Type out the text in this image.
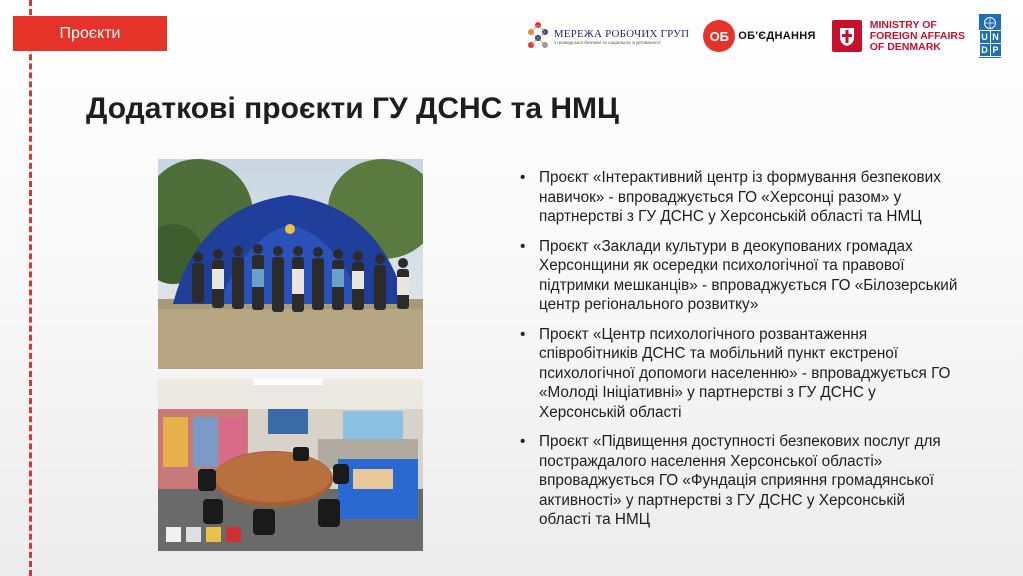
Проєкти	МЕРЕЖА РОБОЧИХ ГРУП
з громадської безпеки та соціальної згуртованості	ОБ ОБ'ЄДНАННЯ
MINISTRY OF
FOREIGN AFFAIRS
OF DENMARK
U N
D P
Додаткові проєкти ГУ ДСНС та НМЦ
• Проєкт «Інтерактивний центр із формування безпекових навичок» - впроваджується ГО «Херсонці разом» у партнерстві з ГУ ДСНС у Херсонській області та НМЦ
• Проєкт «Заклади культури в деокупованих громадах Херсонщини як осередки психологічної та правової підтримки мешканців» - впроваджується ГО «Білозерський центр регіонального розвитку»
• Проєкт «Центр психологічного розвантаження співробітників ДСНС та мобільний пункт екстреної психологічної допомоги населенню» - впроваджується ГО «Молоді Ініціативні» у партнерстві з ГУ ДСНС у Херсонській області
• Проєкт «Підвищення доступності безпекових послуг для постраждалого населення Херсонської області» впроваджується ГО «Фундація сприяння громадянської активності» у партнерстві з ГУ ДСНС у Херсонській області та НМЦ
